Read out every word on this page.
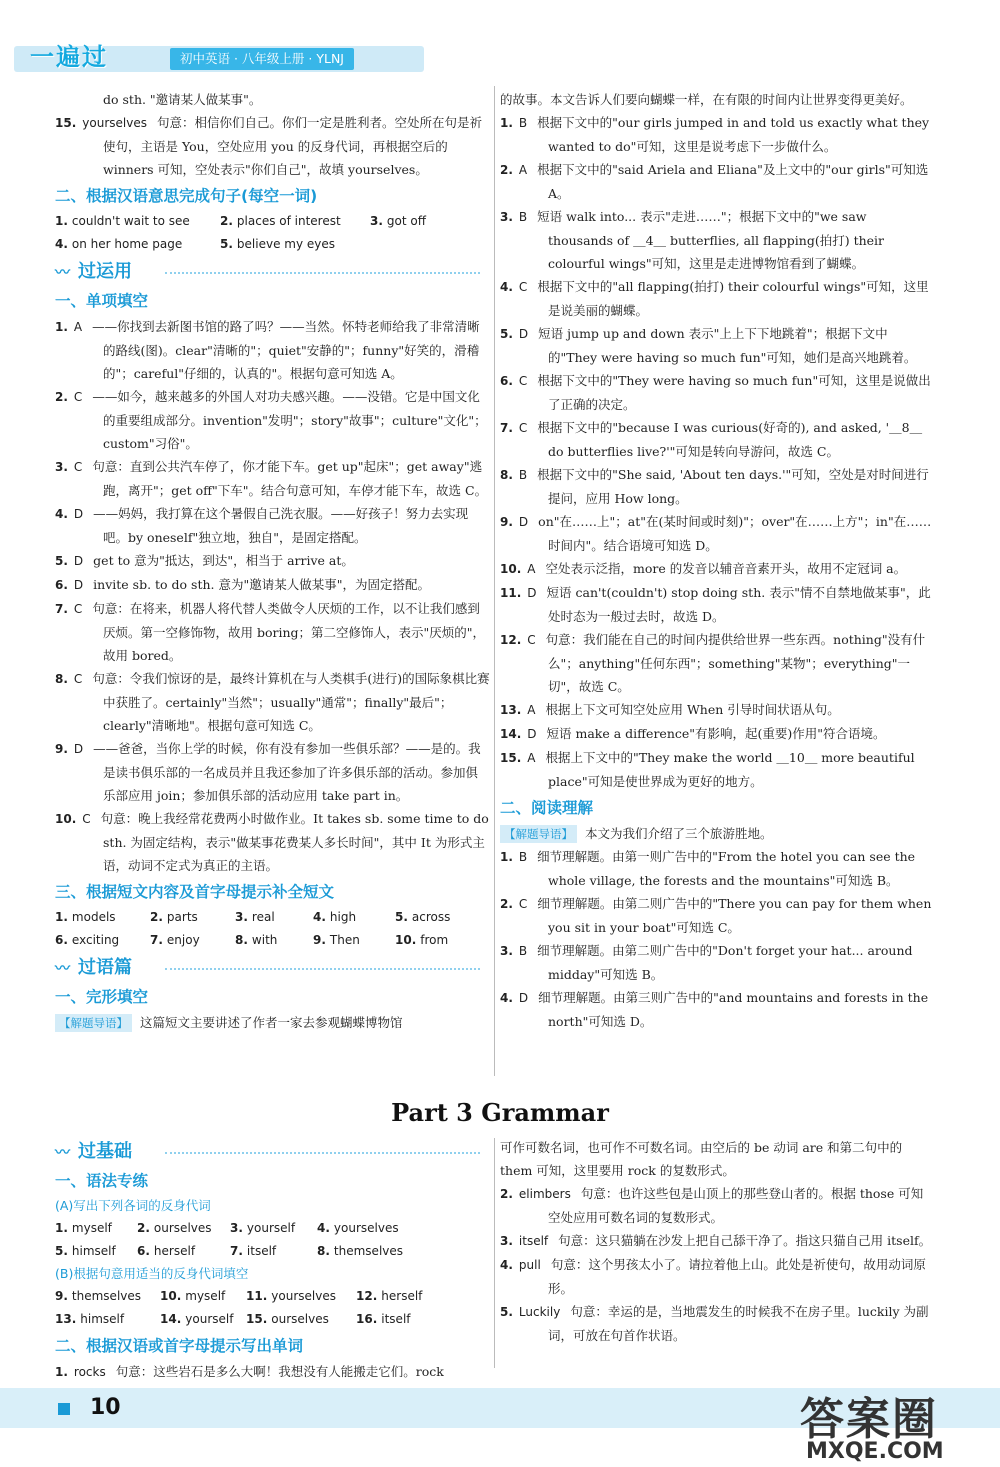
一遍过	初中英语 · 八年级上册 · YLNJ

do sth. "邀请某人做某事"。

15. yourselves 句意：相信你们自己。你们一定是胜利者。空处所在句是祈使句，主语是 You，空处应用 you 的反身代词，再根据空后的 winners 可知，空处表示"你们自己"，故填 yourselves。

二、根据汉语意思完成句子(每空一词)
1. couldn't wait to see	2. places of interest	3. got off
4. on her home page	5. believe my eyes
〰 过运用
一、单项填空

1. A ——你找到去新图书馆的路了吗？——当然。怀特老师给我了非常清晰的路线(图)。clear"清晰的"；quiet"安静的"；funny"好笑的，滑稽的"；careful"仔细的，认真的"。根据句意可知选 A。

2. C ——如今，越来越多的外国人对功夫感兴趣。——没错。它是中国文化的重要组成部分。invention"发明"；story"故事"；culture"文化"；custom"习俗"。

3. C 句意：直到公共汽车停了，你才能下车。get up"起床"；get away"逃跑，离开"；get off"下车"。结合句意可知，车停才能下车，故选 C。

4. D ——妈妈，我打算在这个暑假自己洗衣服。——好孩子！努力去实现吧。by oneself"独立地，独自"，是固定搭配。

5. D get to 意为"抵达，到达"，相当于 arrive at。

6. D invite sb. to do sth. 意为"邀请某人做某事"，为固定搭配。

7. C 句意：在将来，机器人将代替人类做令人厌烦的工作，以不让我们感到厌烦。第一空修饰物，故用 boring；第二空修饰人，表示"厌烦的"，故用 bored。

8. C 句意：令我们惊讶的是，最终计算机在与人类棋手(进行)的国际象棋比赛中获胜了。certainly"当然"；usually"通常"；finally"最后"；clearly"清晰地"。根据句意可知选 C。

9. D ——爸爸，当你上学的时候，你有没有参加一些俱乐部？——是的。我是读书俱乐部的一名成员并且我还参加了许多俱乐部的活动。参加俱乐部应用 join；参加俱乐部的活动应用 take part in。

10. C 句意：晚上我经常花费两小时做作业。It takes sb. some time to do sth. 为固定结构，表示"做某事花费某人多长时间"，其中 It 为形式主语，动词不定式为真正的主语。

三、根据短文内容及首字母提示补全短文
1. models	2. parts	3. real	4. high	5. across
6. exciting	7. enjoy	8. with	9. Then	10. from
〰 过语篇
一、完形填空

【解题导语】 这篇短文主要讲述了作者一家去参观蝴蝶博物馆

的故事。本文告诉人们要向蝴蝶一样，在有限的时间内让世界变得更美好。

1. B 根据下文中的"our girls jumped in and told us exactly what they wanted to do"可知，这里是说考虑下一步做什么。

2. A 根据下文中的"said Ariela and Eliana"及上文中的"our girls"可知选 A。

3. B 短语 walk into... 表示"走进……"；根据下文中的"we saw thousands of ＿4＿ butterflies, all flapping(拍打) their colourful wings"可知，这里是走进博物馆看到了蝴蝶。

4. C 根据下文中的"all flapping(拍打) their colourful wings"可知，这里是说美丽的蝴蝶。

5. D 短语 jump up and down 表示"上上下下地跳着"；根据下文中的"They were having so much fun"可知，她们是高兴地跳着。

6. C 根据下文中的"They were having so much fun"可知，这里是说做出了正确的决定。

7. C 根据下文中的"because I was curious(好奇的), and asked, '＿8＿ do butterflies live?'"可知是转向导游问，故选 C。

8. B 根据下文中的"She said, 'About ten days.'"可知，空处是对时间进行提问，应用 How long。

9. D on"在……上"；at"在(某时间或时刻)"；over"在……上方"；in"在……时间内"。结合语境可知选 D。

10. A 空处表示泛指，more 的发音以辅音音素开头，故用不定冠词 a。

11. D 短语 can't(couldn't) stop doing sth. 表示"情不自禁地做某事"，此处时态为一般过去时，故选 D。

12. C 句意：我们能在自己的时间内提供给世界一些东西。nothing"没有什么"；anything"任何东西"；something"某物"；everything"一切"，故选 C。

13. A 根据上下文可知空处应用 When 引导时间状语从句。

14. D 短语 make a difference"有影响，起(重要)作用"符合语境。

15. A 根据上下文中的"They make the world ＿10＿ more beautiful place"可知是使世界成为更好的地方。

二、阅读理解

【解题导语】 本文为我们介绍了三个旅游胜地。

1. B 细节理解题。由第一则广告中的"From the hotel you can see the whole village, the forests and the mountains"可知选 B。

2. C 细节理解题。由第二则广告中的"There you can pay for them when you sit in your boat"可知选 C。

3. B 细节理解题。由第二则广告中的"Don't forget your hat... around midday"可知选 B。

4. D 细节理解题。由第三则广告中的"and mountains and forests in the north"可知选 D。

Part 3 Grammar
〰 过基础
一、语法专练
(A)写出下列各词的反身代词
1. myself	2. ourselves	3. yourself	4. yourselves
5. himself	6. herself	7. itself	8. themselves
(B)根据句意用适当的反身代词填空
9. themselves	10. myself	11. yourselves	12. herself
13. himself	14. yourself	15. ourselves	16. itself
二、根据汉语或首字母提示写出单词

1. rocks 句意：这些岩石是多么大啊！我想没有人能搬走它们。rock

可作可数名词，也可作不可数名词。由空后的 be 动词 are 和第二句中的 them 可知，这里要用 rock 的复数形式。

2. elimbers 句意：也许这些包是山顶上的那些登山者的。根据 those 可知空处应用可数名词的复数形式。

3. itself 句意：这只猫躺在沙发上把自己舔干净了。指这只猫自己用 itself。

4. pull 句意：这个男孩太小了。请拉着他上山。此处是祈使句，故用动词原形。

5. Luckily 句意：幸运的是，当地震发生的时候我不在房子里。luckily 为副词，可放在句首作状语。

10	答案圈
MXQE.COM
